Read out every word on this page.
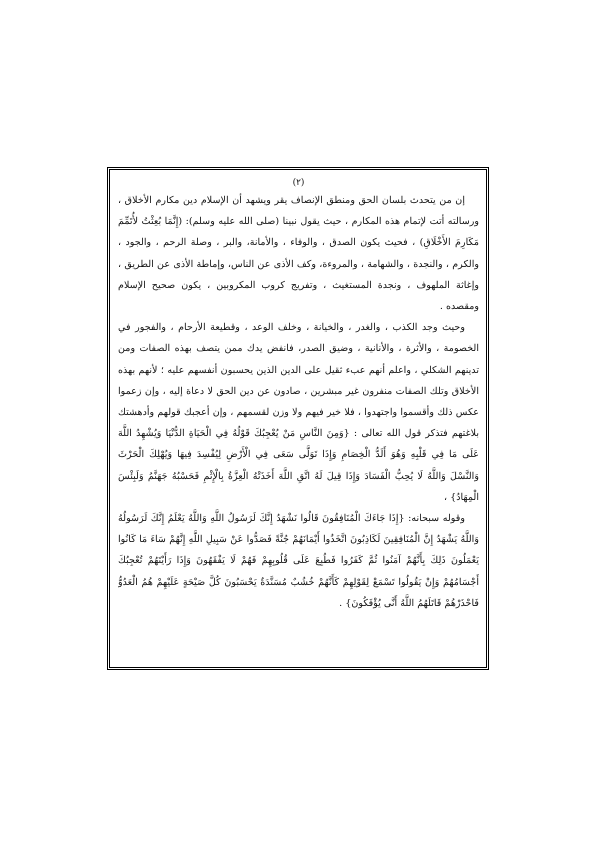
(٢)

إن من يتحدث بلسان الحق ومنطق الإنصاف يقر ويشهد أن الإسلام دين مكارم الأخلاق ، ورسالته أتت لإتمام هذه المكارم ، حيث يقول نبينا (صلى الله عليه وسلم): (إِنَّمَا بُعِثْتُ لأُتَمِّمَ مَكَارِمَ الأَخْلَاقِ) ، فحيث يكون الصدق ، والوفاء ، والأمانة، والبر ، وصلة الرحم ، والجود ، والكرم ، والنجدة ، والشهامة ، والمروءة، وكف الأذى عن الناس، وإماطة الأذى عن الطريق ، وإغاثة الملهوف ، ونجدة المستغيث ، وتفريج كروب المكروبين ، يكون صحيح الإسلام ومقصده .

وحيث وجد الكذب ، والغدر ، والخيانة ، وخلف الوعد ، وقطيعة الأرحام ، والفجور في الخصومة ، والأثرة ، والأنانية ، وضيق الصدر، فانفض يدك ممن يتصف بهذه الصفات ومن تدينهم الشكلي ، واعلم أنهم عبء ثقيل على الدين الذين يحسبون أنفسهم عليه ؛ لأنهم بهذه الأخلاق وتلك الصفات منفرون غير مبشرين ، صادون عن دين الحق لا دعاة إليه ، وإن زعموا عكس ذلك وأقسموا واجتهدوا ، فلا خير فيهم ولا وزن لقسمهم ، وإن أعجبك قولهم وأدهشتك بلاغتهم فتذكر قول الله تعالى : {وَمِنَ النَّاسِ مَنْ يُعْجِبُكَ قَوْلُهُ فِي الْحَيَاةِ الدُّنْيَا وَيُشْهِدُ اللَّهَ عَلَى مَا فِي قَلْبِهِ وَهُوَ أَلَدُّ الْخِصَامِ وَإِذَا تَوَلَّى سَعَى فِي الْأَرْضِ لِيُفْسِدَ فِيهَا وَيُهْلِكَ الْحَرْثَ وَالنَّسْلَ وَاللَّهُ لَا يُحِبُّ الْفَسَادَ وَإِذَا قِيلَ لَهُ اتَّقِ اللَّهَ أَخَذَتْهُ الْعِزَّةُ بِالْإِثْمِ فَحَسْبُهُ جَهَنَّمُ وَلَبِئْسَ الْمِهَادُ} ،

وقوله سبحانه: {إِذَا جَاءَكَ الْمُنَافِقُونَ قَالُوا نَشْهَدُ إِنَّكَ لَرَسُولُ اللَّهِ وَاللَّهُ يَعْلَمُ إِنَّكَ لَرَسُولُهُ وَاللَّهُ يَشْهَدُ إِنَّ الْمُنَافِقِينَ لَكَاذِبُونَ اتَّخَذُوا أَيْمَانَهُمْ جُنَّةً فَصَدُّوا عَنْ سَبِيلِ اللَّهِ إِنَّهُمْ سَاءَ مَا كَانُوا يَعْمَلُونَ ذَلِكَ بِأَنَّهُمْ آمَنُوا ثُمَّ كَفَرُوا فَطُبِعَ عَلَى قُلُوبِهِمْ فَهُمْ لَا يَفْقَهُونَ وَإِذَا رَأَيْتَهُمْ تُعْجِبُكَ أَجْسَامُهُمْ وَإِنْ يَقُولُوا تَسْمَعْ لِقَوْلِهِمْ كَأَنَّهُمْ خُشُبٌ مُسَنَّدَةٌ يَحْسَبُونَ كُلَّ صَيْحَةٍ عَلَيْهِمْ هُمُ الْعَدُوُّ فَاحْذَرْهُمْ قَاتَلَهُمُ اللَّهُ أَنَّى يُؤْفَكُونَ} .
